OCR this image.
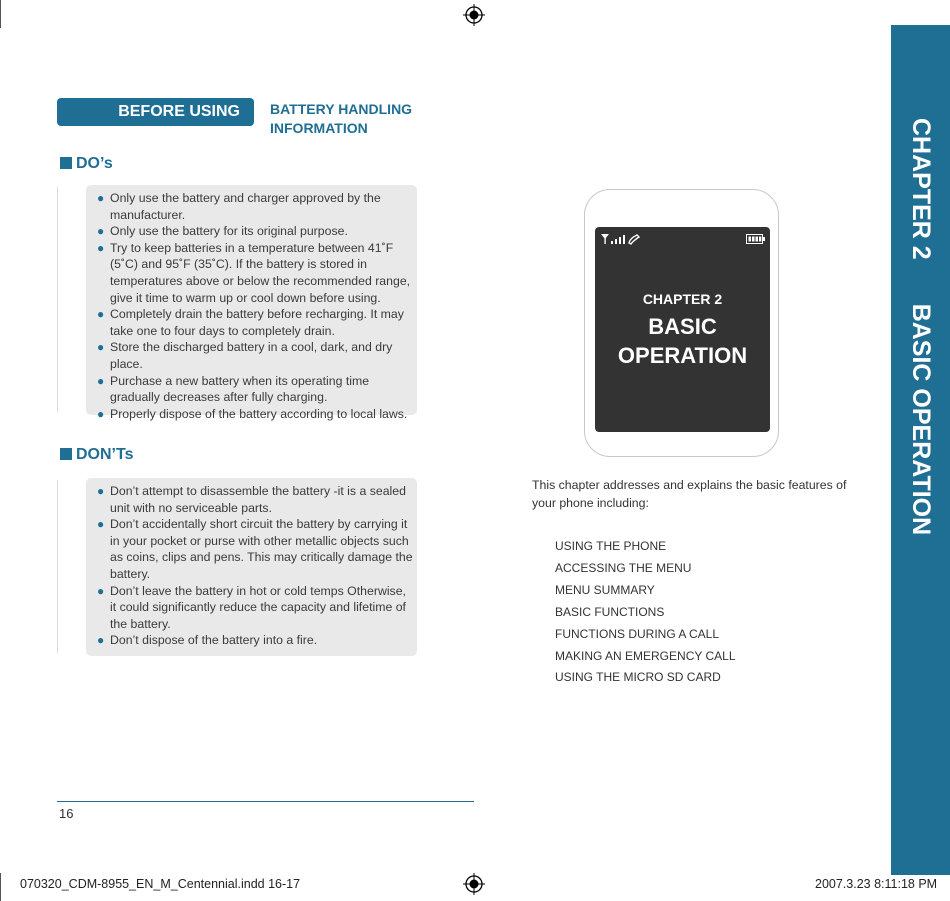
BEFORE USING	BATTERY HANDLING
INFORMATION
DO’s
● Only use the battery and charger approved by the manufacturer.
● Only use the battery for its original purpose.
● Try to keep batteries in a temperature between 41˚F (5˚C) and 95˚F (35˚C). If the battery is stored in temperatures above or below the recommended range, give it time to warm up or cool down before using.
● Completely drain the battery before recharging. It may take one to four days to completely drain.
● Store the discharged battery in a cool, dark, and dry place.
● Purchase a new battery when its operating time gradually decreases after fully charging.
● Properly dispose of the battery according to local laws.
DON’Ts
● Don’t attempt to disassemble the battery -it is a sealed unit with no serviceable parts.
● Don’t accidentally short circuit the battery by carrying it in your pocket or purse with other metallic objects such as coins, clips and pens. This may critically damage the battery.
● Don’t leave the battery in hot or cold temps Otherwise, it could significantly reduce the capacity and lifetime of the battery.
● Don’t dispose of the battery into a fire.
16
CHAPTER 2
BASIC
OPERATION
This chapter addresses and explains the basic features of your phone including:
USING THE PHONE
ACCESSING THE MENU
MENU SUMMARY
BASIC FUNCTIONS
FUNCTIONS DURING A CALL
MAKING AN EMERGENCY CALL
USING THE MICRO SD CARD
CHAPTER 2BASIC OPERATION
070320_CDM-8955_EN_M_Centennial.indd 16-17	2007.3.23 8:11:18 PM
